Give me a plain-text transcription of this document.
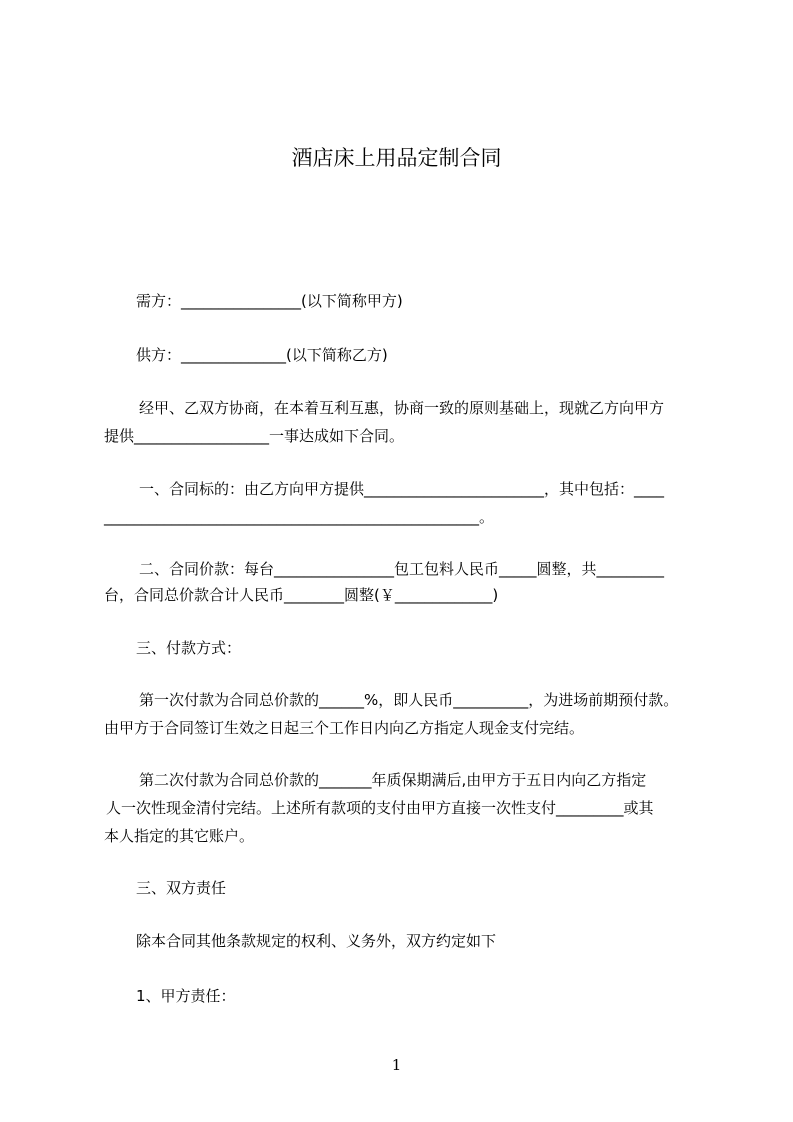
酒店床上用品定制合同
需方：________________(以下简称甲方)
供方：______________(以下简称乙方)
经甲、乙双方协商，在本着互利互惠，协商一致的原则基础上，现就乙方向甲方
提供__________________一事达成如下合同。
一、合同标的：由乙方向甲方提供________________________，其中包括：____
__________________________________________________。
二、合同价款：每台________________包工包料人民币_____圆整，共_________
台，合同总价款合计人民币________圆整(￥_____________)
三、付款方式：
第一次付款为合同总价款的______%，即人民币__________，为进场前期预付款。
由甲方于合同签订生效之日起三个工作日内向乙方指定人现金支付完结。
第二次付款为合同总价款的_______年质保期满后,由甲方于五日内向乙方指定
人一次性现金清付完结。上述所有款项的支付由甲方直接一次性支付_________或其
本人指定的其它账户。
三、双方责任
除本合同其他条款规定的权利、义务外，双方约定如下
1、甲方责任：
1
